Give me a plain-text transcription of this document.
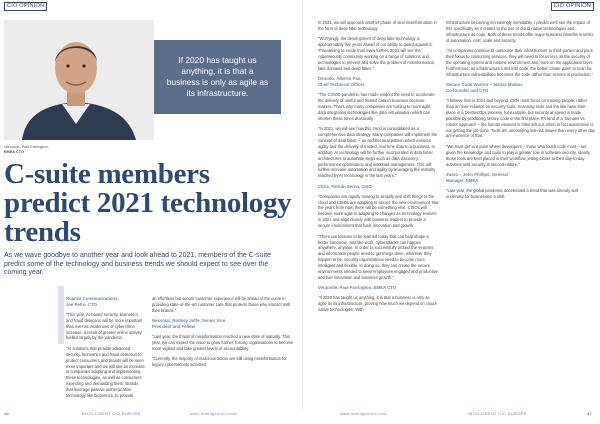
CIO OPINION	CIO OPINION
If 2020 has taught us anything, it is that a business is only as agile as its infrastructure.
Venocide, Paul Farrington,
EMEA CTO
C-suite members predict 2021 technology trends
As we wave goodbye to another year and look ahead to 2021, members of the C-suite predict some of the technology and business trends we should expect to see over the coming year.
Nuance Communications,
Joe Petro, CTO

"This year, AI-based security, biometrics and fraud detection will be more important than ever as incidences of cybercrime increase, a result of greater online activity, fuelled largely by the pandemic.

"AI solutions that provide advanced security, biometrics and fraud detection to protect consumers and brands will be seen more important and we will see an increase in companies adopting and implementing these technologies, as well as consumers expecting and demanding them. Brands that leverage passive authentication technology like biometrics, to provide

an effortless but secure customer experience will be ahead of the curve in providing state-of-the-art customer care that protects those who interact with their brands."

Nexsolar, Rodney Joffe, Senior Vice
President and Fellow

"Last year, the threat of misinformation reached a new state of maturity. This year, we can expect the issue to grow further, forcing organisations to become more vigilant and take greater levels of accountability.

"Currently, the majority of malicious actors are still using misinformation for legacy cybersecurity activities.

In 2021, we will approach another phase of viral misinformation in the form of deep fake technology.

"Worryingly, the development of deep fake technology is approximately five years ahead of our ability to guard against it. Threatening to erode trust even further, 2021 will see the cybersecurity community working on a range of solutions and technologies to prevent and solve the problem of misinformation, fake domains and deep fakes."

Denodo, Alberto Pan,
Chief Technical Officer

"The COVID pandemic has made evident the need to accelerate the delivery of useful and trusted data to business decision-makers. That's why many companies are turning to more agile data integration technologies like data virtualisation which can shorten these times drastically.

"In 2021, we will see how this trend is consolidated as a comprehensive data strategy. Many companies will implement the concept of data fabric – an architectural pattern which ensures agility and the delivery of trusted, real-time data to a business. In addition, AI technology will be further incorporated in data fabric architectures to automate steps such as data discovery, performance optimisation and workload management. This will further increase automation and agility by leveraging the maturity reached by AI technology in the last years."

Citrix, Fermín Serna, CISO

"Companies are rapidly moving to simplify and shift things to the cloud and CISOs are adapting to secure the new environment. But the years from now, there will be something else. CISOs will become more agile in adapting to changes as technology evolves in 2021 and align closely with business leaders to provide a secure environment that fuels innovation and growth.

"There are lessons to be learned today that can help shape a better tomorrow. Just like work, cyberattacks can happen anywhere, anytime. In order to successfully protect the systems and information people need to get things done, wherever they happen to be, security organisations need to become more intelligent and flexible. In doing so, they can create the secure environments needed to keep employees engaged and productive and fuel innovation and business growth."

Veracode, Paul Farrington, EMEA CTO

"If 2020 has taught us anything, it is that a business is only as agile as its infrastructure, proving how much we depend on cloud-native technologies. With

Infrastructure becoming increasingly immutable, I predict we'll see the impact of this specifically as it relates to the rise of cloud-native technologies and infrastructure as code. Both of these trends offer major business benefits in terms of automation, cost, scale and security.

"As companies continue to outsource their infrastructure to third-parties and pivot their focus to consuming services, they will need to focus less on the security of the operating system and runtime environment and more on the application layer. Furthermore, as infrastructure turns into code, the better 'choke point' to scan for infrastructure vulnerabilities becomes the code rather than servers in production."

Secure Code Warrior – Matias Madou,
Co-founder and CTO

"I believe that in 2021 and beyond, CIOs must focus on training people, rather than an over-reliance on security tools. Scanning tools and the like have their place in a DevSecOps process, for example, but security at speed is made possible by producing secure code in the first place. It's kind of a 'humans vs. robots' approach – the human element is often left out, when in fact automation is not getting the job done. Tools are uncovering low-risk issues than every other day are evidence of that.

"We must get to a point where developers – those who touch code most – are given the knowledge and tools to play a greater role in software security. Ideally, those tools are best placed in their workflow, jetting closer to their day-to-day activities until security is second-nature."

Zuora – John Phillips, General
Manager, EMEA

"Last year, the global pandemic accelerated a trend that was already well underway for businesses: a shift

46	INTELLIGENT CIO EUROPE	www.intelligentcio.com	www.intelligentcio.com	INTELLIGENT CIO EUROPE	47
